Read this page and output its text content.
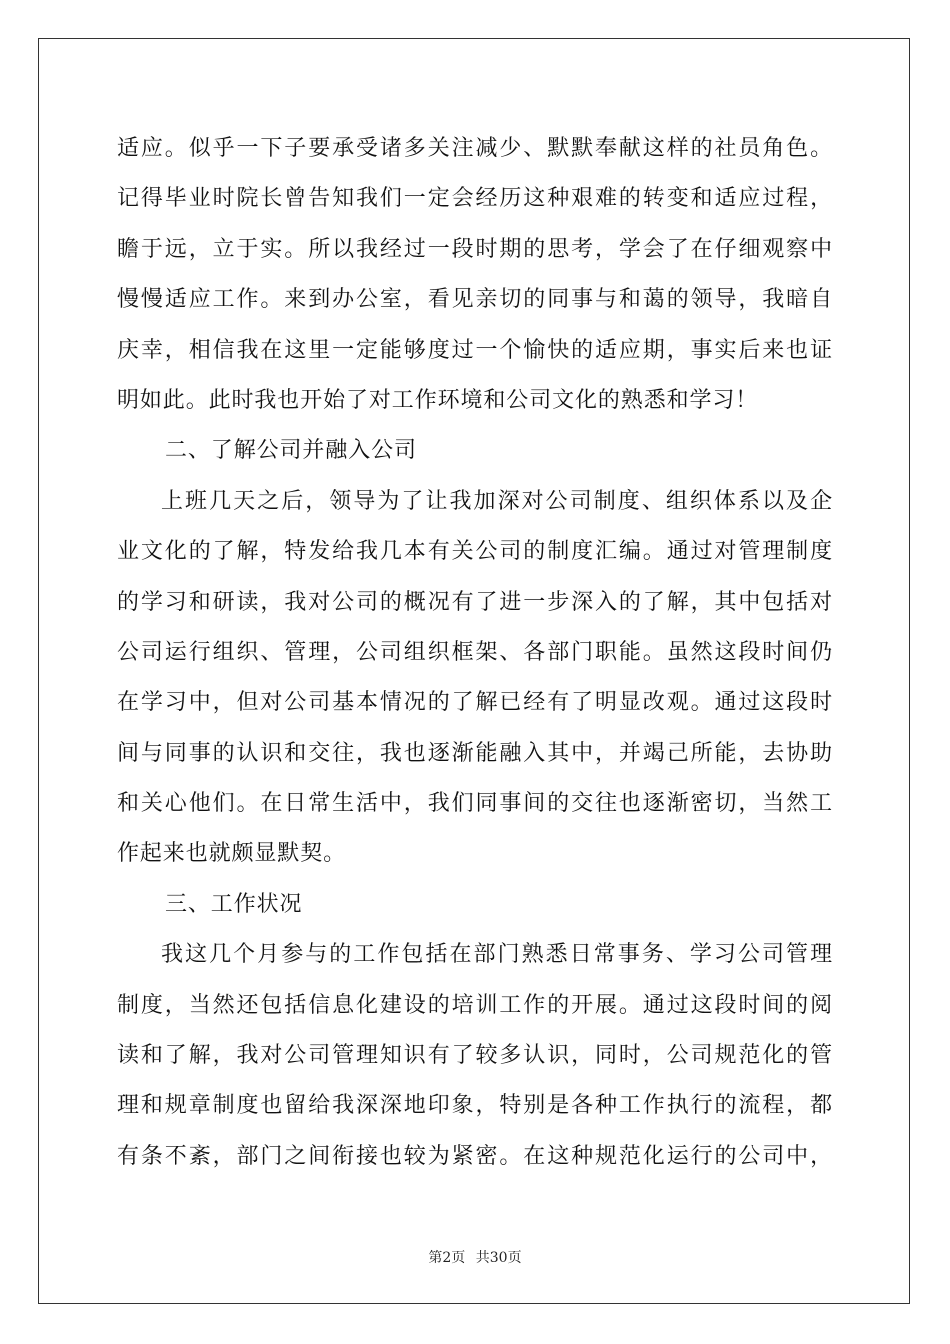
适应。似乎一下子要承受诸多关注减少、默默奉献这样的社员角色。
记得毕业时院长曾告知我们一定会经历这种艰难的转变和适应过程，
瞻于远，立于实。所以我经过一段时期的思考，学会了在仔细观察中
慢慢适应工作。来到办公室，看见亲切的同事与和蔼的领导，我暗自
庆幸，相信我在这里一定能够度过一个愉快的适应期，事实后来也证
明如此。此时我也开始了对工作环境和公司文化的熟悉和学习！
二、了解公司并融入公司
上班几天之后，领导为了让我加深对公司制度、组织体系以及企
业文化的了解，特发给我几本有关公司的制度汇编。通过对管理制度
的学习和研读，我对公司的概况有了进一步深入的了解，其中包括对
公司运行组织、管理，公司组织框架、各部门职能。虽然这段时间仍
在学习中，但对公司基本情况的了解已经有了明显改观。通过这段时
间与同事的认识和交往，我也逐渐能融入其中，并竭己所能，去协助
和关心他们。在日常生活中，我们同事间的交往也逐渐密切，当然工
作起来也就颇显默契。
三、工作状况
我这几个月参与的工作包括在部门熟悉日常事务、学习公司管理
制度，当然还包括信息化建设的培训工作的开展。通过这段时间的阅
读和了解，我对公司管理知识有了较多认识，同时，公司规范化的管
理和规章制度也留给我深深地印象，特别是各种工作执行的流程，都
有条不紊，部门之间衔接也较为紧密。在这种规范化运行的公司中，
第2页 共30页
